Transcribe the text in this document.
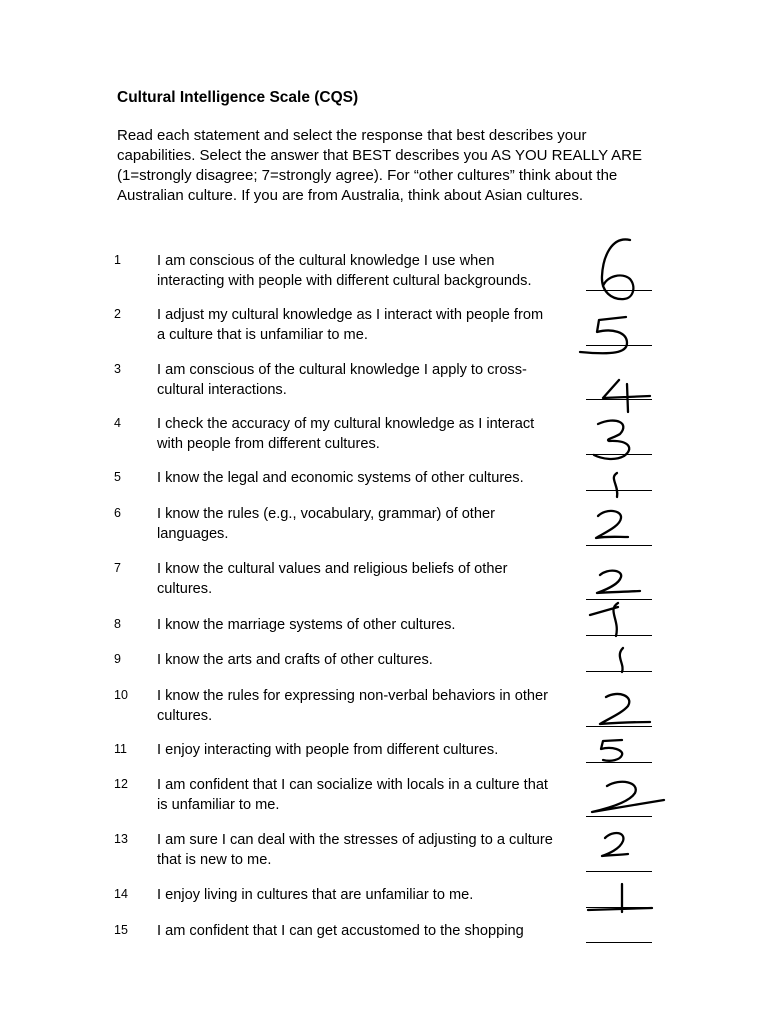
Cultural Intelligence Scale (CQS)
Read each statement and select the response that best describes your
capabilities. Select the answer that BEST describes you AS YOU REALLY ARE
(1=strongly disagree; 7=strongly agree). For “other cultures” think about the
Australian culture. If you are from Australia, think about Asian cultures.
1	I am conscious of the cultural knowledge I use when
interacting with people with different cultural backgrounds.
2	I adjust my cultural knowledge as I interact with people from
a culture that is unfamiliar to me.
3	I am conscious of the cultural knowledge I apply to cross-
cultural interactions.
4	I check the accuracy of my cultural knowledge as I interact
with people from different cultures.
5	I know the legal and economic systems of other cultures.
6	I know the rules (e.g., vocabulary, grammar) of other
languages.
7	I know the cultural values and religious beliefs of other
cultures.
8	I know the marriage systems of other cultures.
9	I know the arts and crafts of other cultures.
10	I know the rules for expressing non-verbal behaviors in other
cultures.
11	I enjoy interacting with people from different cultures.
12	I am confident that I can socialize with locals in a culture that
is unfamiliar to me.
13	I am sure I can deal with the stresses of adjusting to a culture
that is new to me.
14	I enjoy living in cultures that are unfamiliar to me.
15	I am confident that I can get accustomed to the shopping
